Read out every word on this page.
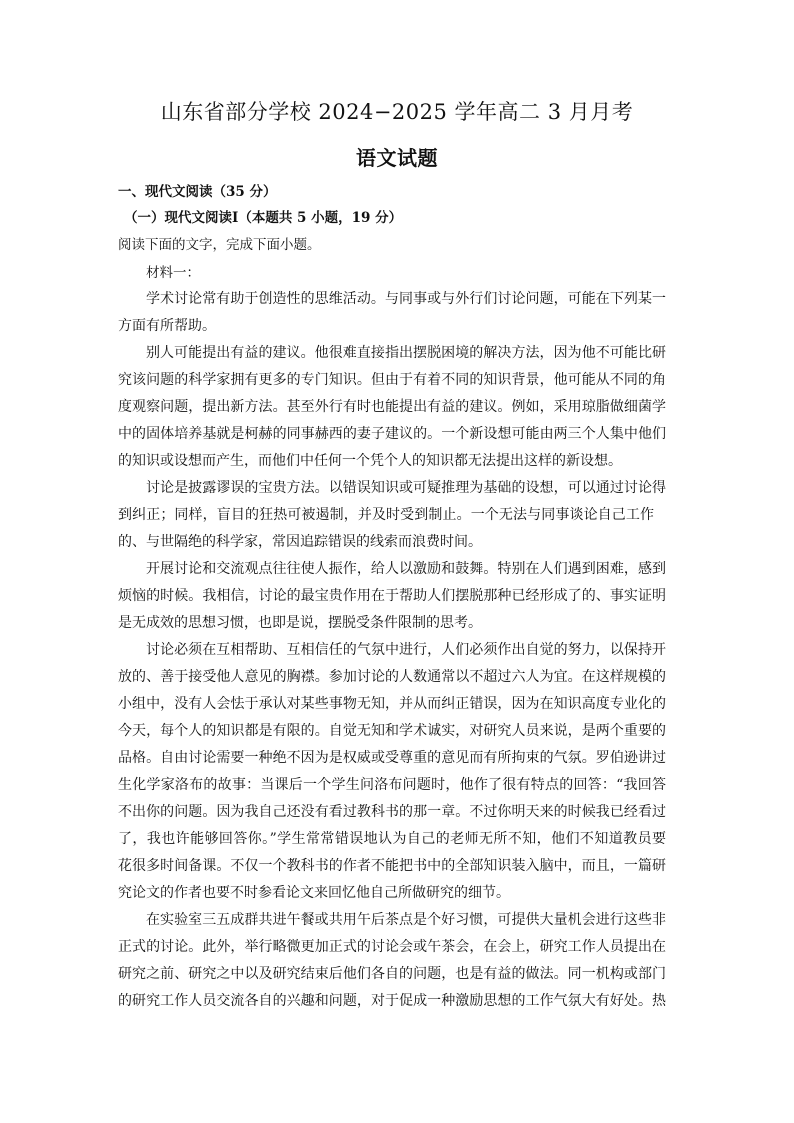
山东省部分学校 2024−2025 学年高二 3 月月考
语文试题
一、现代文阅读（35 分）
（一）现代文阅读Ⅰ（本题共 5 小题，19 分）
阅读下面的文字，完成下面小题。
材料一：
学术讨论常有助于创造性的思维活动。与同事或与外行们讨论问题，可能在下列某一
方面有所帮助。
别人可能提出有益的建议。他很难直接指出摆脱困境的解决方法，因为他不可能比研
究该问题的科学家拥有更多的专门知识。但由于有着不同的知识背景，他可能从不同的角
度观察问题，提出新方法。甚至外行有时也能提出有益的建议。例如，采用琼脂做细菌学
中的固体培养基就是柯赫的同事赫西的妻子建议的。一个新设想可能由两三个人集中他们
的知识或设想而产生，而他们中任何一个凭个人的知识都无法提出这样的新设想。
讨论是披露谬误的宝贵方法。以错误知识或可疑推理为基础的设想，可以通过讨论得
到纠正；同样，盲目的狂热可被遏制，并及时受到制止。一个无法与同事谈论自己工作
的、与世隔绝的科学家，常因追踪错误的线索而浪费时间。
开展讨论和交流观点往往使人振作，给人以激励和鼓舞。特别在人们遇到困难，感到
烦恼的时候。我相信，讨论的最宝贵作用在于帮助人们摆脱那种已经形成了的、事实证明
是无成效的思想习惯，也即是说，摆脱受条件限制的思考。
讨论必须在互相帮助、互相信任的气氛中进行，人们必须作出自觉的努力，以保持开
放的、善于接受他人意见的胸襟。参加讨论的人数通常以不超过六人为宜。在这样规模的
小组中，没有人会怯于承认对某些事物无知，并从而纠正错误，因为在知识高度专业化的
今天，每个人的知识都是有限的。自觉无知和学术诚实，对研究人员来说，是两个重要的
品格。自由讨论需要一种绝不因为是权威或受尊重的意见而有所拘束的气氛。罗伯逊讲过
生化学家洛布的故事：当课后一个学生问洛布问题时，他作了很有特点的回答：“我回答
不出你的问题。因为我自己还没有看过教科书的那一章。不过你明天来的时候我已经看过
了，我也许能够回答你。”学生常常错误地认为自己的老师无所不知，他们不知道教员要
花很多时间备课。不仅一个教科书的作者不能把书中的全部知识装入脑中，而且，一篇研
究论文的作者也要不时参看论文来回忆他自己所做研究的细节。
在实验室三五成群共进午餐或共用午后茶点是个好习惯，可提供大量机会进行这些非
正式的讨论。此外，举行略微更加正式的讨论会或午茶会，在会上，研究工作人员提出在
研究之前、研究之中以及研究结束后他们各自的问题，也是有益的做法。同一机构或部门
的研究工作人员交流各自的兴趣和问题，对于促成一种激励思想的工作气氛大有好处。热
